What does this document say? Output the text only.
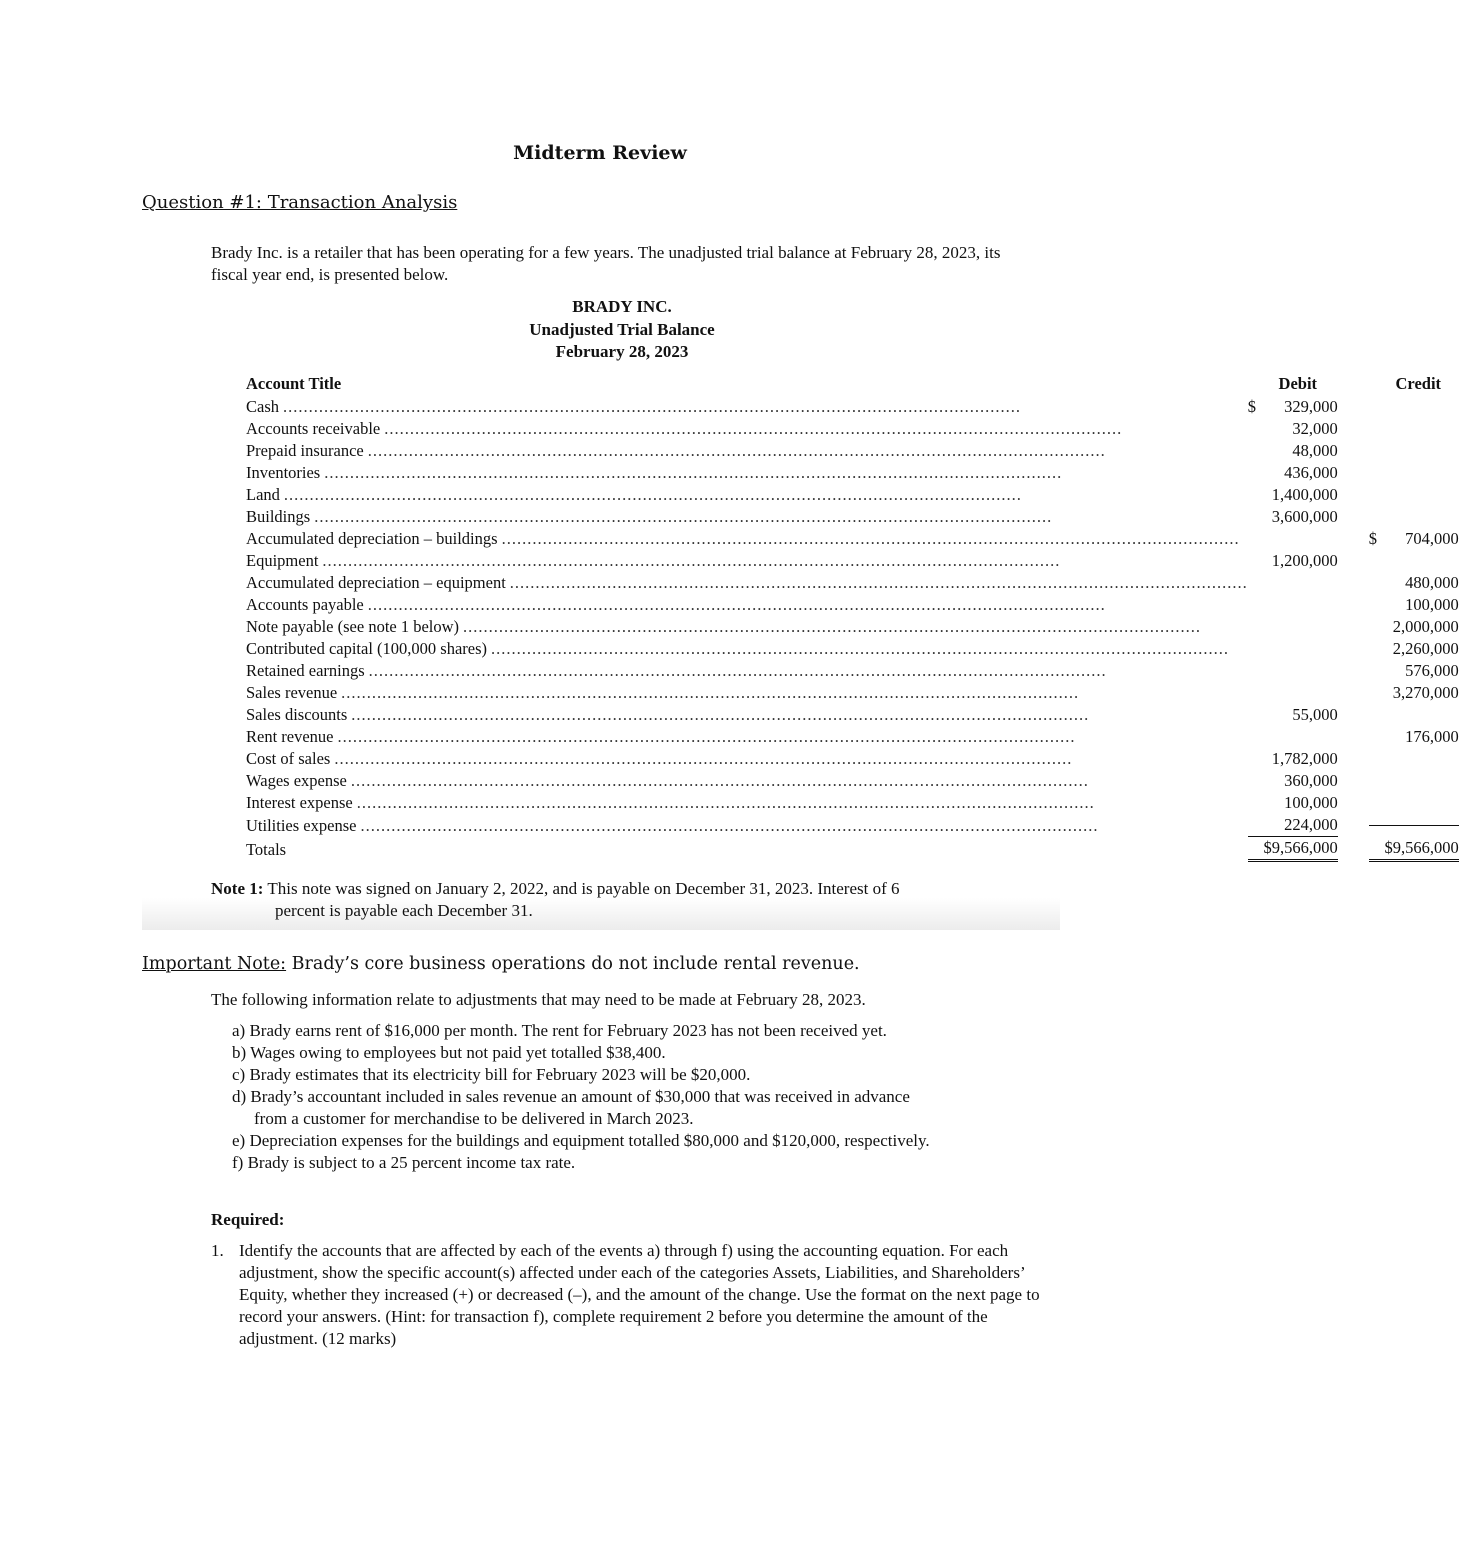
Midterm Review
Question #1: Transaction Analysis
Brady Inc. is a retailer that has been operating for a few years. The unadjusted trial balance at February 28, 2023, its fiscal year end, is presented below.
BRADY INC.
Unadjusted Trial Balance
February 28, 2023
Account Title	Debit	Credit

Cash
.....	$ 329,000	

Accounts receivable
.....	32,000	

Prepaid insurance
.....	48,000	

Inventories
.....	436,000	

Land
.....	1,400,000	

Buildings
.....	3,600,000	

Accumulated depreciation – buildings
.....		$ 704,000

Equipment
.....	1,200,000	

Accumulated depreciation – equipment
.....		480,000

Accounts payable
.....		100,000

Note payable (see note 1 below)
.....		2,000,000

Contributed capital (100,000 shares)
.....		2,260,000

Retained earnings
.....		576,000

Sales revenue
.....		3,270,000

Sales discounts
.....	55,000	

Rent revenue
.....		176,000

Cost of sales
.....	1,782,000	

Wages expense
.....	360,000	

Interest expense
.....	100,000	

Utilities expense
.....	224,000	

Totals	$9,566,000	$9,566,000
Note 1: This note was signed on January 2, 2022, and is payable on December 31, 2023. Interest of 6
percent is payable each December 31.
Important Note: Brady’s core business operations do not include rental revenue.
The following information relate to adjustments that may need to be made at February 28, 2023.
a) Brady earns rent of $16,000 per month. The rent for February 2023 has not been received yet.
b) Wages owing to employees but not paid yet totalled $38,400.
c) Brady estimates that its electricity bill for February 2023 will be $20,000.
d) Brady’s accountant included in sales revenue an amount of $30,000 that was received in advance
from a customer for merchandise to be delivered in March 2023.
e) Depreciation expenses for the buildings and equipment totalled $80,000 and $120,000, respectively.
f) Brady is subject to a 25 percent income tax rate.
Required:
1. Identify the accounts that are affected by each of the events a) through f) using the accounting equation. For each adjustment, show the specific account(s) affected under each of the categories Assets, Liabilities, and Shareholders’ Equity, whether they increased (+) or decreased (–), and the amount of the change. Use the format on the next page to record your answers. (Hint: for transaction f), complete requirement 2 before you determine the amount of the adjustment. (12 marks)
